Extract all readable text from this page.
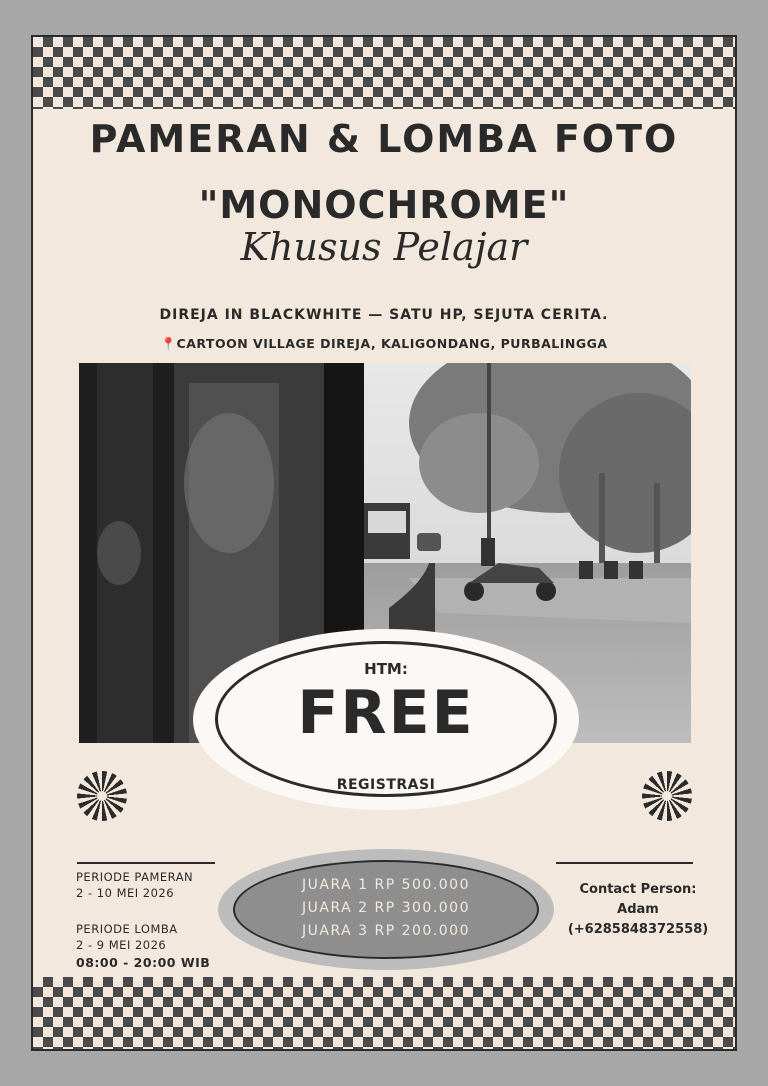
PAMERAN & LOMBA FOTO
"MONOCHROME"
Khusus Pelajar
DIREJA IN BLACKWHITE — SATU HP, SEJUTA CERITA.
📍CARTOON VILLAGE DIREJA, KALIGONDANG, PURBALINGGA
HTM:
FREE
REGISTRASI
PERIODE PAMERAN
2 - 10 MEI 2026
PERIODE LOMBA
2 - 9 MEI 2026
08:00 - 20:00 WIB
JUARA 1 RP 500.000
JUARA 2 RP 300.000
JUARA 3 RP 200.000
Contact Person:
Adam
(+6285848372558)
